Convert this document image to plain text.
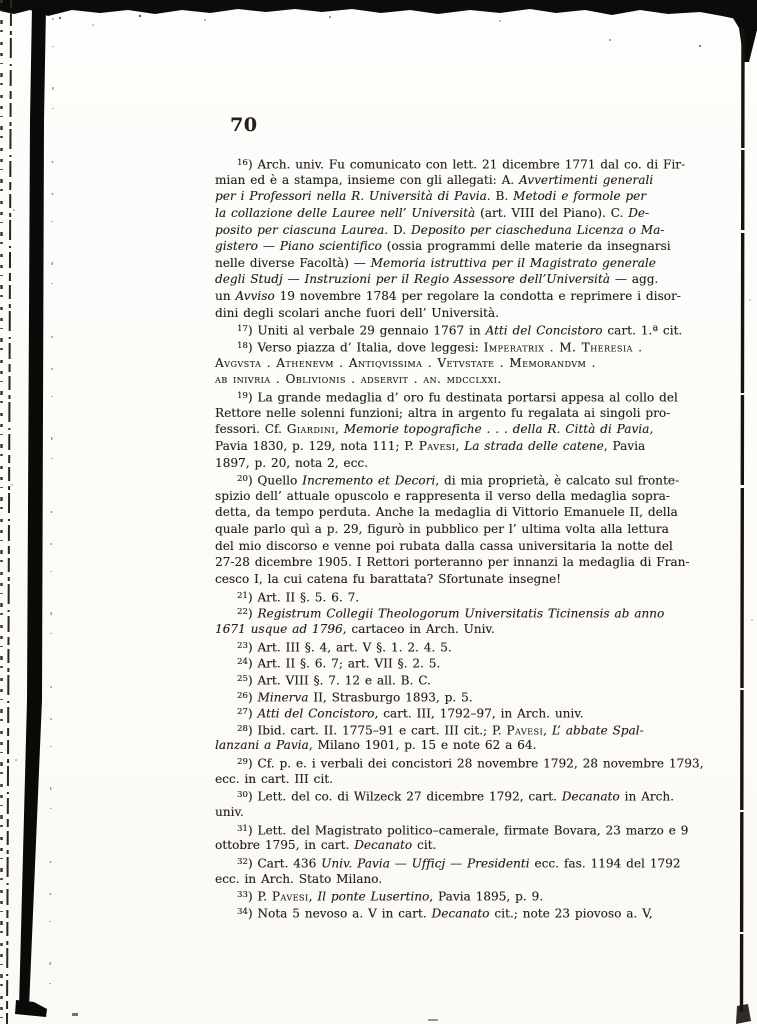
70
$^{16}$) Arch. univ. Fu comunicato con lett. 21 dicembre 1771 dal co. di Fir-
mian ed è a stampa, insieme con gli allegati: A. Avvertimenti generali
per i Professori nella R. Università di Pavia. B. Metodi e formole per
la collazione delle Lauree nell’ Università (art. VIII del Piano). C. De-
posito per ciascuna Laurea. D. Deposito per ciascheduna Licenza o Ma-
gistero — Piano scientifico (ossia programmi delle materie da insegnarsi
nelle diverse Facoltà) — Memoria istruttiva per il Magistrato generale
degli Studj — Instruzioni per il Regio Assessore dell’Università — agg.
un Avviso 19 novembre 1784 per regolare la condotta e reprimere i disor-
dini degli scolari anche fuori dell’ Università.
$^{17}$) Uniti al verbale 29 gennaio 1767 in Atti del Concistoro cart. 1.ª cit.
$^{18}$) Verso piazza d’ Italia, dove leggesi: Imperatrix . M. Theresia .
Avgvsta . Athenevm . Antiqvissima . Vetvstate . Memorandvm .
ab inivria . Oblivionis . adservit . an. mdcclxxi.
$^{19}$) La grande medaglia d’ oro fu destinata portarsi appesa al collo del
Rettore nelle solenni funzioni; altra in argento fu regalata ai singoli pro-
fessori. Cf. Giardini, Memorie topografiche . . . della R. Città di Pavia,
Pavia 1830, p. 129, nota 111; P. Pavesi, La strada delle catene, Pavia
1897, p. 20, nota 2, ecc.
$^{20}$) Quello Incremento et Decori, di mia proprietà, è calcato sul fronte-
spizio dell’ attuale opuscolo e rappresenta il verso della medaglia sopra-
detta, da tempo perduta. Anche la medaglia di Vittorio Emanuele II, della
quale parlo quì a p. 29, figurò in pubblico per l’ ultima volta alla lettura
del mio discorso e venne poi rubata dalla cassa universitaria la notte del
27-28 dicembre 1905. I Rettori porteranno per innanzi la medaglia di Fran-
cesco I, la cui catena fu barattata? Sfortunate insegne!
$^{21}$) Art. II §. 5. 6. 7.
$^{22}$) Registrum Collegii Theologorum Universitatis Ticinensis ab anno
1671 usque ad 1796, cartaceo in Arch. Univ.
$^{23}$) Art. III §. 4, art. V §. 1. 2. 4. 5.
$^{24}$) Art. II §. 6. 7; art. VII §. 2. 5.
$^{25}$) Art. VIII §. 7. 12 e all. B. C.
$^{26}$) Minerva II, Strasburgo 1893, p. 5.
$^{27}$) Atti del Concistoro, cart. III, 1792–97, in Arch. univ.
$^{28}$) Ibid. cart. II. 1775–91 e cart. III cit.; P. Pavesi, L’ abbate Spal-
lanzani a Pavia, Milano 1901, p. 15 e note 62 a 64.
$^{29}$) Cf. p. e. i verbali dei concistori 28 novembre 1792, 28 novembre 1793,
ecc. in cart. III cit.
$^{30}$) Lett. del co. di Wilzeck 27 dicembre 1792, cart. Decanato in Arch.
univ.
$^{31}$) Lett. del Magistrato politico–camerale, firmate Bovara, 23 marzo e 9
ottobre 1795, in cart. Decanato cit.
$^{32}$) Cart. 436 Univ. Pavia — Ufficj — Presidenti ecc. fas. 1194 del 1792
ecc. in Arch. Stato Milano.
$^{33}$) P. Pavesi, Il ponte Lusertino, Pavia 1895, p. 9.
$^{34}$) Nota 5 nevoso a. V in cart. Decanato cit.; note 23 piovoso a. V,
